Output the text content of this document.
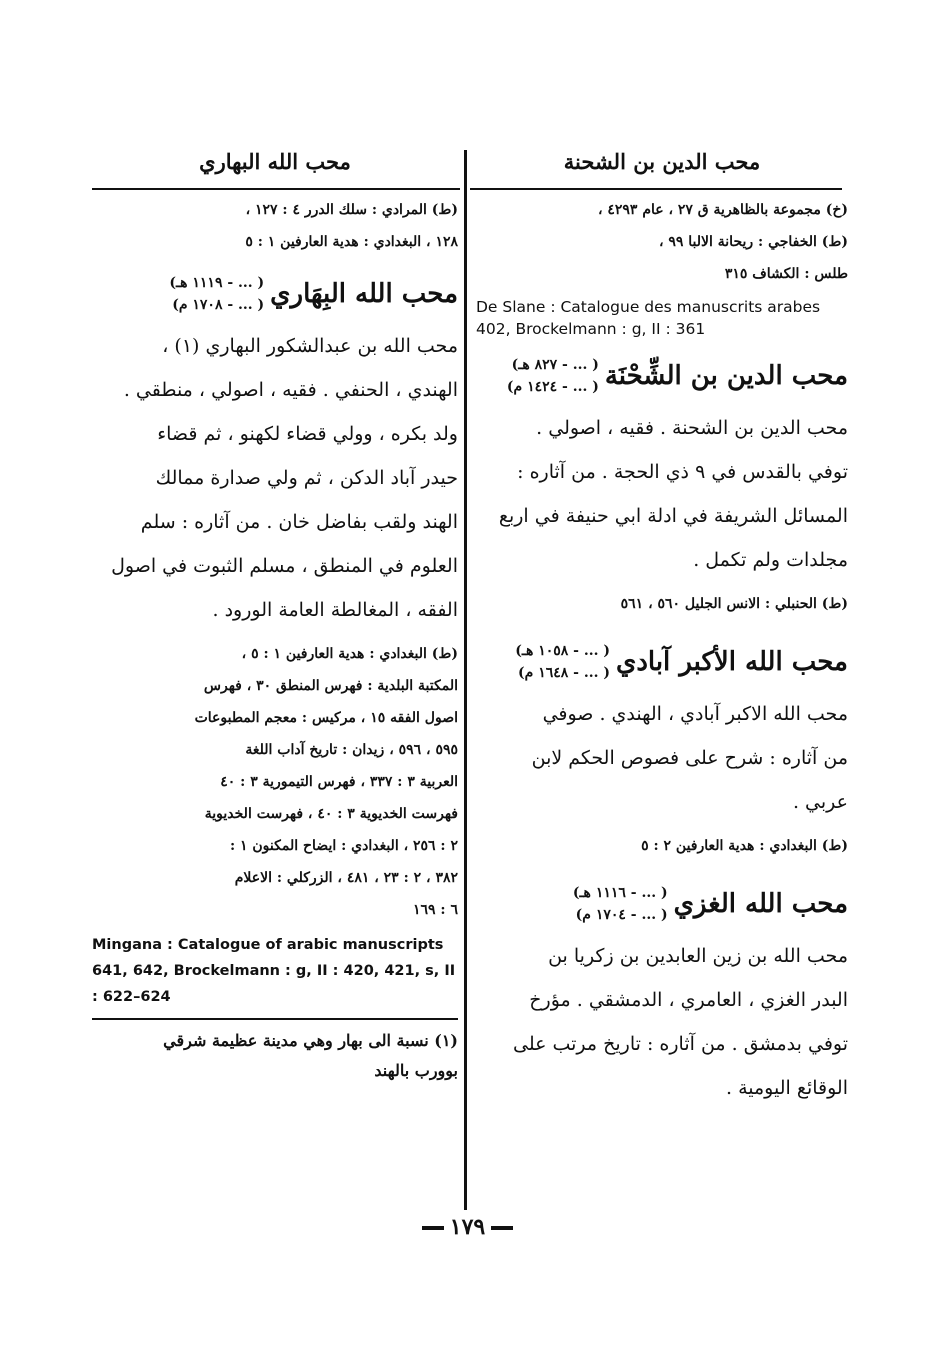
محب الدين بن الشحنة

(خ) مجموعة بالظاهرية ق ٢٧ ، عام ٤٢٩٣ ،

(ط) الخفاجي : ريحانة الالبا ٩٩ ،

طلس : الكشاف ٣١٥

De Slane : Catalogue des manuscrits arabes 402, Brockelmann : g, II : 361

محب الدين بن الشِّحْنَة
( ... - ٨٢٧ هـ)
( ... - ١٤٢٤ م)

محب الدين بن الشحنة . فقيه ، اصولي .

توفي بالقدس في ٩ ذي الحجة . من آثاره :

المسائل الشريفة في ادلة ابي حنيفة في اربع

مجلدات ولم تكمل .

(ط) الحنبلي : الانس الجليل ٥٦٠ ، ٥٦١

محب الله الأكبر آبادي
( ... - ١٠٥٨ هـ)
( ... - ١٦٤٨ م)

محب الله الاكبر آبادي ، الهندي . صوفي

من آثاره : شرح على فصوص الحكم لابن

عربي .

(ط) البغدادي : هدية العارفين ٢ : ٥

محب الله الغزي
( ... - ١١١٦ هـ)
( ... - ١٧٠٤ م)

محب الله بن زين العابدين بن زكريا بن

البدر الغزي ، العامري ، الدمشقي . مؤرخ

توفي بدمشق . من آثاره : تاريخ مرتب على

الوقائع اليومية .

محب الله البهاري

(ط) المرادي : سلك الدرر ٤ : ١٢٧ ،

١٢٨ ، البغدادي : هدية العارفين ١ : ٥

محب الله البِهَاري
( ... - ١١١٩ هـ)
( ... - ١٧٠٨ م)

محب الله بن عبدالشكور البهاري (١) ،

الهندي ، الحنفي . فقيه ، اصولي ، منطقي .

ولد بكره ، وولي قضاء لكهنو ، ثم قضاء

حيدر آباد الدكن ، ثم ولي صدارة ممالك

الهند ولقب بفاضل خان . من آثاره : سلم

العلوم في المنطق ، مسلم الثبوت في اصول

الفقه ، المغالطة العامة الورود .

(ط) البغدادي : هدية العارفين ١ : ٥ ،

المكتبة البلدية : فهرس المنطق ٣٠ ، فهرس

اصول الفقه ١٥ ، مركيس : معجم المطبوعات

٥٩٥ ، ٥٩٦ ، زيدان : تاريخ آداب اللغة

العربية ٣ : ٣٣٧ ، فهرس التيمورية ٣ : ٤٠

فهرست الخديوية ٣ : ٤٠ ، فهرست الخديوية

٢ : ٢٥٦ ، البغدادي : ايضاح المكنون ١ :

٣٨٢ ، ٢ : ٢٣ ، ٤٨١ ، الزركلي : الاعلام

٦ : ١٦٩

Mingana : Catalogue of arabic manuscripts 641, 642, Brockelmann : g, II : 420, 421, s, II : 622–624

(١) نسبة الى بهار وهي مدينة عظيمة شرقي

بوورب بالهند

١٧٩
